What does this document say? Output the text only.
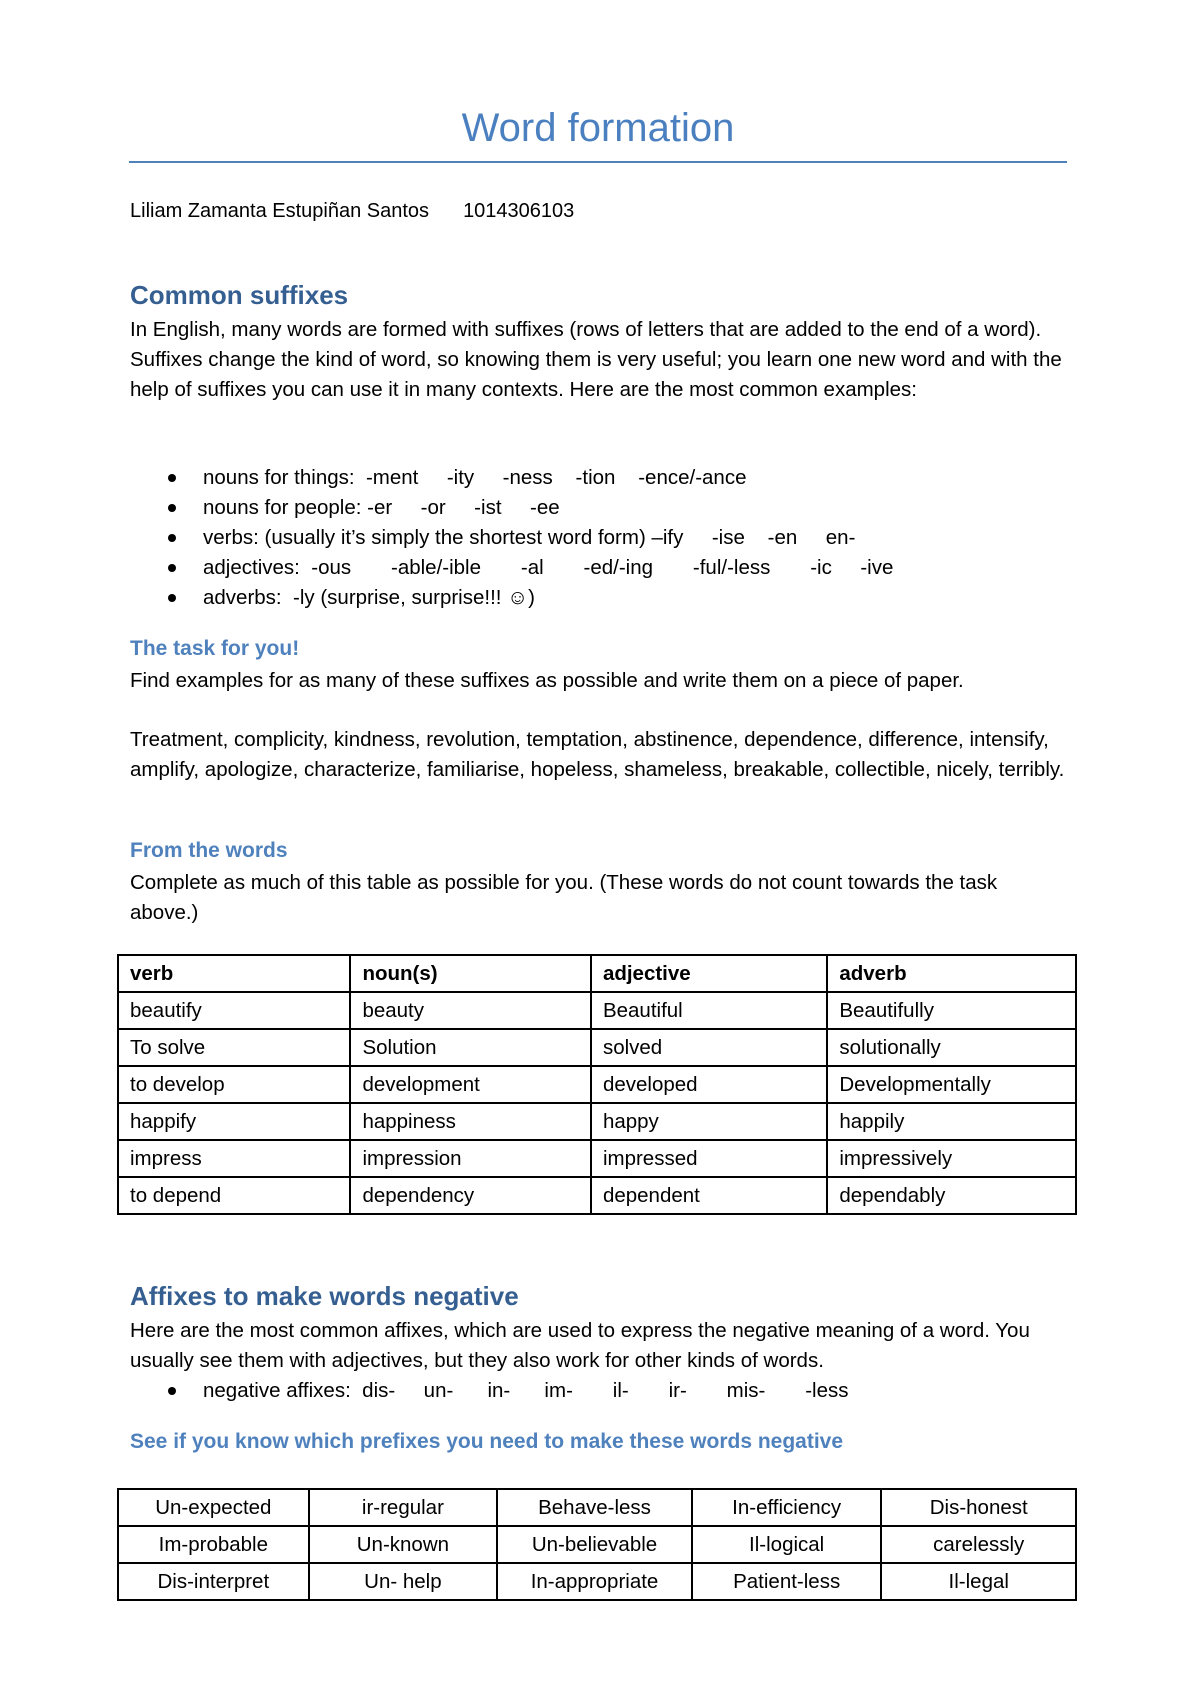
Word formation
Liliam Zamanta Estupiñan Santos 1014306103
Common suffixes
In English, many words are formed with suffixes (rows of letters that are added to the end of a word). Suffixes change the kind of word, so knowing them is very useful; you learn one new word and with the help of suffixes you can use it in many contexts. Here are the most common examples:
nouns for things:  -ment     -ity     -ness    -tion    -ence/-ance
nouns for people: -er     -or     -ist     -ee
verbs: (usually it’s simply the shortest word form) –ify     -ise    -en     en-
adjectives:  -ous       -able/-ible       -al       -ed/-ing       -ful/-less       -ic     -ive
adverbs:  -ly (surprise, surprise!!! ☺)
The task for you!
Find examples for as many of these suffixes as possible and write them on a piece of paper.
Treatment, complicity, kindness, revolution, temptation, abstinence, dependence, difference, intensify, amplify, apologize, characterize, familiarise, hopeless, shameless, breakable, collectible, nicely, terribly.
From the words
Complete as much of this table as possible for you. (These words do not count towards the task above.)
verb	noun(s)	adjective	adverb
beautify	beauty	Beautiful	Beautifully
To solve	Solution	solved	solutionally
to develop	development	developed	Developmentally
happify	happiness	happy	happily
impress	impression	impressed	impressively
to depend	dependency	dependent	dependably
Affixes to make words negative
Here are the most common affixes, which are used to express the negative meaning of a word. You usually see them with adjectives, but they also work for other kinds of words.
negative affixes:  dis-     un-      in-      im-       il-       ir-       mis-       -less
See if you know which prefixes you need to make these words negative
Un-expected	ir-regular	Behave-less	In-efficiency	Dis-honest
Im-probable	Un-known	Un-believable	Il-logical	carelessly
Dis-interpret	Un- help	In-appropriate	Patient-less	Il-legal
